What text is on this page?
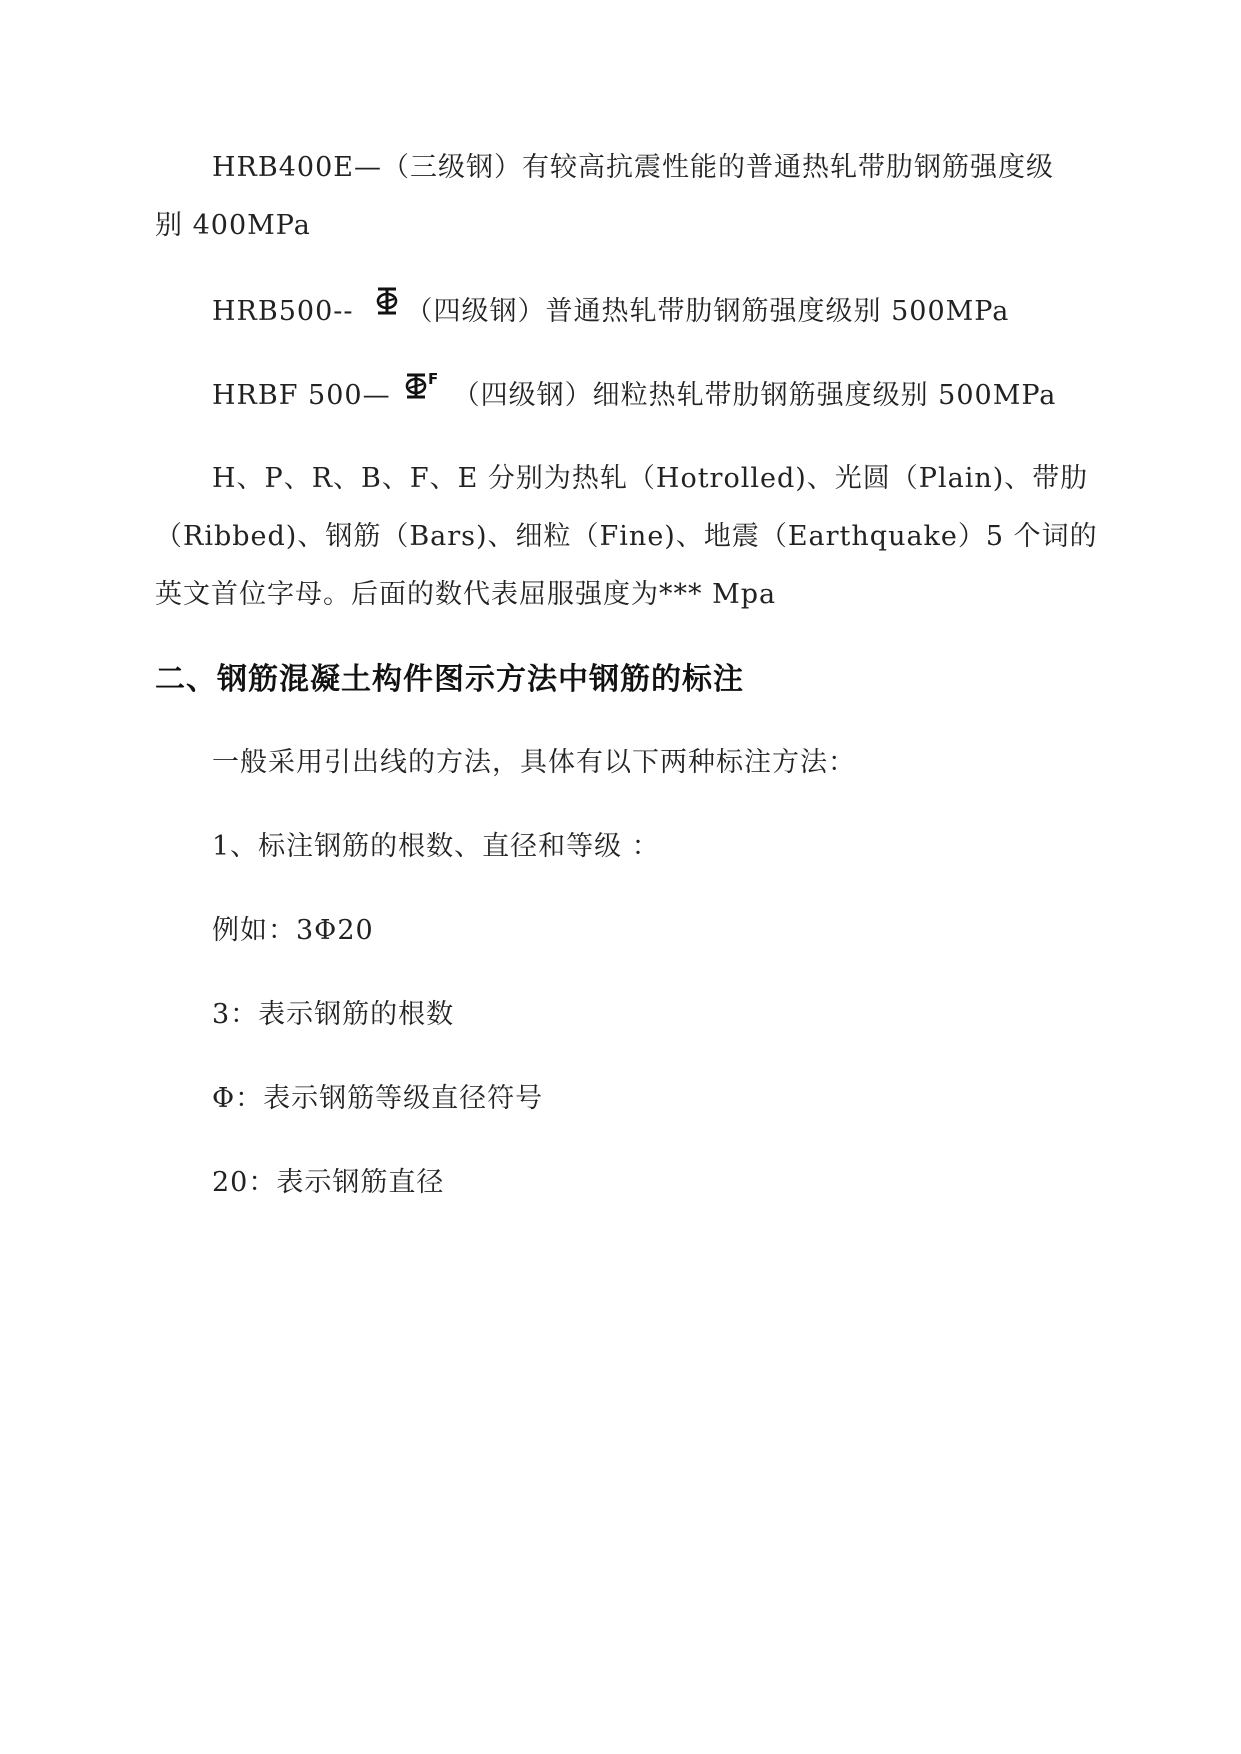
HRB400E—（三级钢）有较高抗震性能的普通热轧带肋钢筋强度级
别 400MPa
HRB500-- （四级钢）普通热轧带肋钢筋强度级别 500MPa
HRBF 500—
F
（四级钢）细粒热轧带肋钢筋强度级别 500MPa
H、P、R、B、F、E 分别为热轧（Hotrolled)、光圆（Plain)、带肋
（Ribbed)、钢筋（Bars)、细粒（Fine)、地震（Earthquake）5 个词的
英文首位字母。后面的数代表屈服强度为*** Mpa
二、钢筋混凝土构件图示方法中钢筋的标注
一般采用引出线的方法，具体有以下两种标注方法：
1、标注钢筋的根数、直径和等级 ：
例如：3Φ20
3：表示钢筋的根数
Φ：表示钢筋等级直径符号
20：表示钢筋直径
